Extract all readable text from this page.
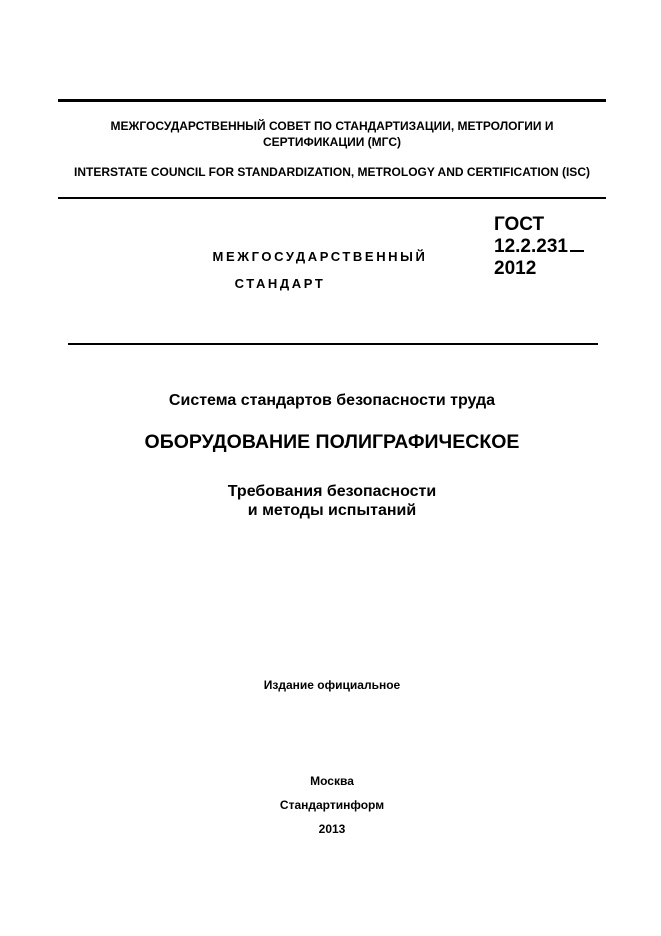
МЕЖГОСУДАРСТВЕННЫЙ СОВЕТ ПО СТАНДАРТИЗАЦИИ, МЕТРОЛОГИИ И СЕРТИФИКАЦИИ (МГС)
INTERSTATE COUNCIL FOR STANDARDIZATION, METROLOGY AND CERTIFICATION (ISC)
МЕЖГОСУДАРСТВЕННЫЙ
СТАНДАРТ
ГОСТ
12.2.231
2012
Система стандартов безопасности труда
ОБОРУДОВАНИЕ ПОЛИГРАФИЧЕСКОЕ
Требования безопасности
и методы испытаний
Издание официальное
Москва
Стандартинформ
2013
